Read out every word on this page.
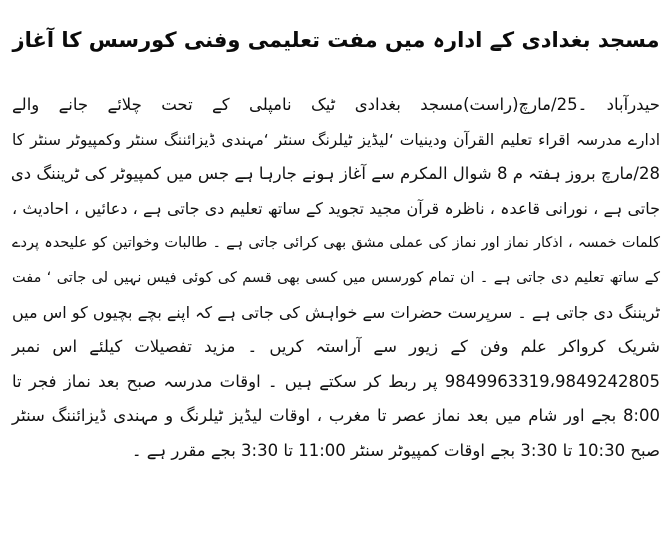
مسجد بغدادی کے ادارہ میں مفت تعلیمی وفنی کورسس کا آغاز
حیدرآباد ۔25/مارچ(راست)مسجد بغدادی ٹیک نامپلی کے تحت چلائے جانے والے
ادارے مدرسہ اقراء تعلیم القرآن ودینیات ‘لیڈیز ٹیلرنگ سنٹر ‘مہندی ڈیزائننگ سنٹر وکمپیوٹر سنٹر کا
28/مارچ بروز ہفتہ م 8 شوال المکرم سے آغاز ہونے جارہا ہے جس میں کمپیوٹر کی ٹریننگ دی
جاتی ہے ، نورانی قاعدہ ، ناظرہ قرآن مجید تجوید کے ساتھ تعلیم دی جاتی ہے ، دعائیں ، احادیث ،
کلمات خمسہ ، اذکار نماز اور نماز کی عملی مشق بھی کرائی جاتی ہے ۔ طالبات وخواتین کو علیحدہ پردے
کے ساتھ تعلیم دی جاتی ہے ۔ ان تمام کورسس میں کسی بھی قسم کی کوئی فیس نہیں لی جاتی ‘ مفت
ٹریننگ دی جاتی ہے ۔ سرپرست حضرات سے خواہش کی جاتی ہے کہ اپنے بچے بچیوں کو اس میں
شریک کرواکر علم وفن کے زیور سے آراستہ کریں ۔ مزید تفصیلات کیلئے اس نمبر
9849963319،9849242805 پر ربط کر سکتے ہیں ۔ اوقات مدرسہ صبح بعد نماز فجر تا
8:00 بجے اور شام میں بعد نماز عصر تا مغرب ، اوقات لیڈیز ٹیلرنگ و مہندی ڈیزائننگ سنٹر
صبح 10:30 تا 3:30 بجے اوقات کمپیوٹر سنٹر 11:00 تا 3:30 بجے مقرر ہے ۔
